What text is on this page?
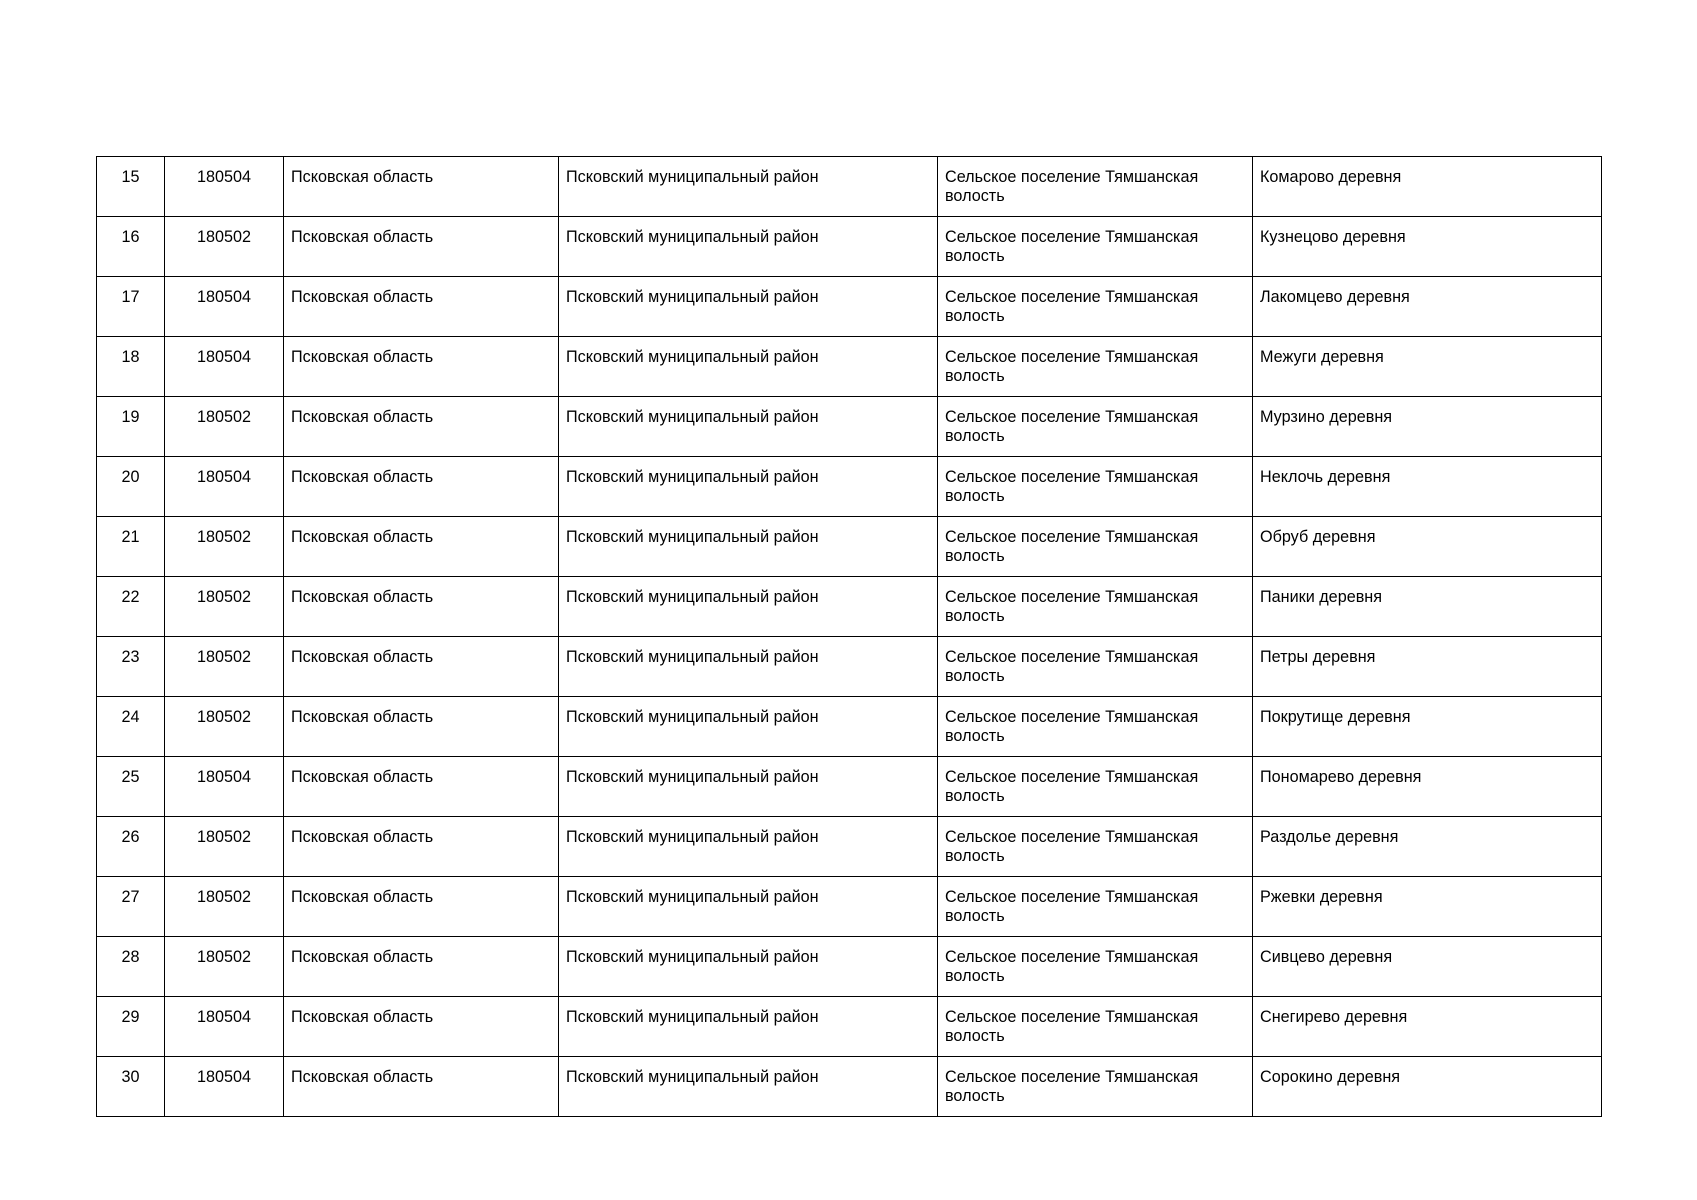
15	180504	Псковская область	Псковский муниципальный район	Сельское поселение Тямшанская волость	Комарово деревня

16	180502	Псковская область	Псковский муниципальный район	Сельское поселение Тямшанская волость	Кузнецово деревня

17	180504	Псковская область	Псковский муниципальный район	Сельское поселение Тямшанская волость	Лакомцево деревня

18	180504	Псковская область	Псковский муниципальный район	Сельское поселение Тямшанская волость	Межуги деревня

19	180502	Псковская область	Псковский муниципальный район	Сельское поселение Тямшанская волость	Мурзино деревня

20	180504	Псковская область	Псковский муниципальный район	Сельское поселение Тямшанская волость	Неклочь деревня

21	180502	Псковская область	Псковский муниципальный район	Сельское поселение Тямшанская волость	Обруб деревня

22	180502	Псковская область	Псковский муниципальный район	Сельское поселение Тямшанская волость	Паники деревня

23	180502	Псковская область	Псковский муниципальный район	Сельское поселение Тямшанская волость	Петры деревня

24	180502	Псковская область	Псковский муниципальный район	Сельское поселение Тямшанская волость	Покрутище деревня

25	180504	Псковская область	Псковский муниципальный район	Сельское поселение Тямшанская волость	Пономарево деревня

26	180502	Псковская область	Псковский муниципальный район	Сельское поселение Тямшанская волость	Раздолье деревня

27	180502	Псковская область	Псковский муниципальный район	Сельское поселение Тямшанская волость	Ржевки деревня

28	180502	Псковская область	Псковский муниципальный район	Сельское поселение Тямшанская волость	Сивцево деревня

29	180504	Псковская область	Псковский муниципальный район	Сельское поселение Тямшанская волость	Снегирево деревня

30	180504	Псковская область	Псковский муниципальный район	Сельское поселение Тямшанская волость	Сорокино деревня
